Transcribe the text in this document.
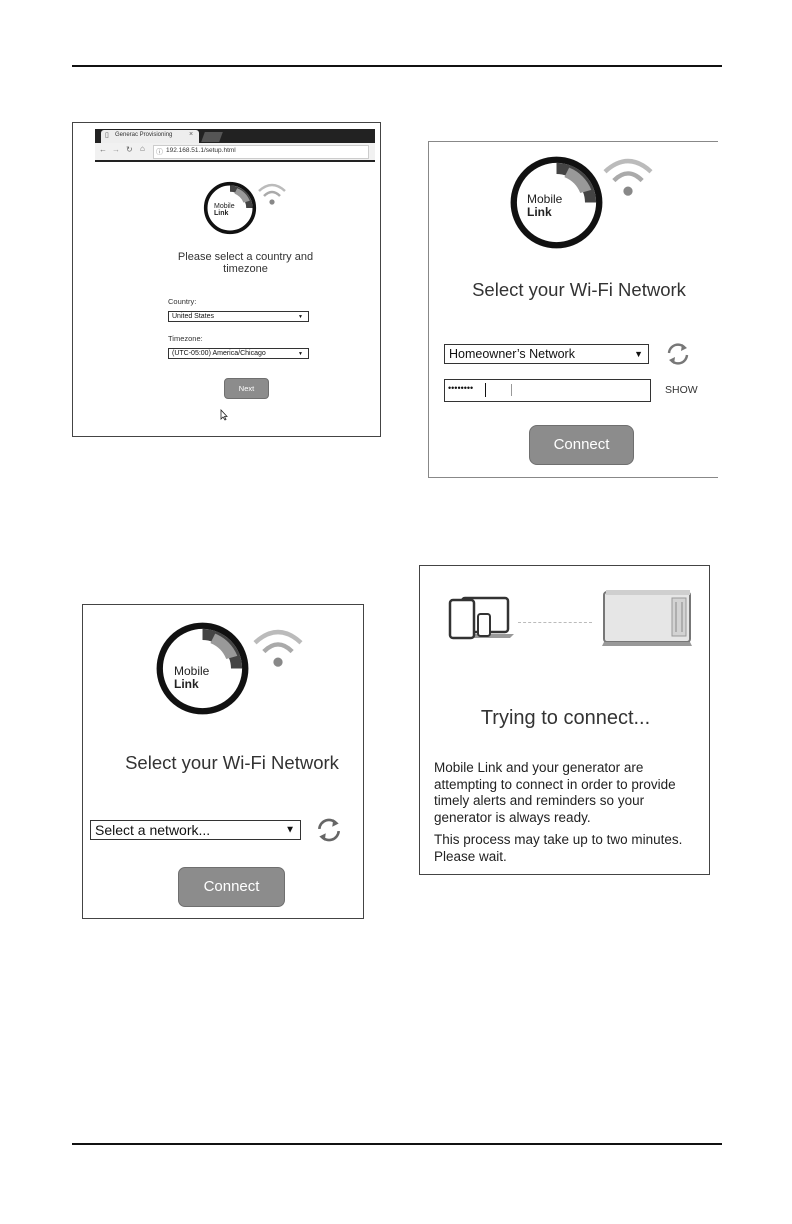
▯ Generac Provisioning ×
← → ↻ ⌂ ⓘ 192.168.51.1/setup.html
Mobile
Link
Please select a country and timezone
Country:
United States	▼
Timezone:
(UTC-05:00) America/Chicago	▼
Next
Mobile
Link
Select your Wi-Fi Network
Homeowner’s Network	▼
••••••••	SHOW
Connect
Mobile
Link
Select your Wi-Fi Network
Select a network...	▼
Connect
Trying to connect...
Mobile Link and your generator are attempting to connect in order to provide timely alerts and reminders so your generator is always ready.
This process may take up to two minutes. Please wait.
